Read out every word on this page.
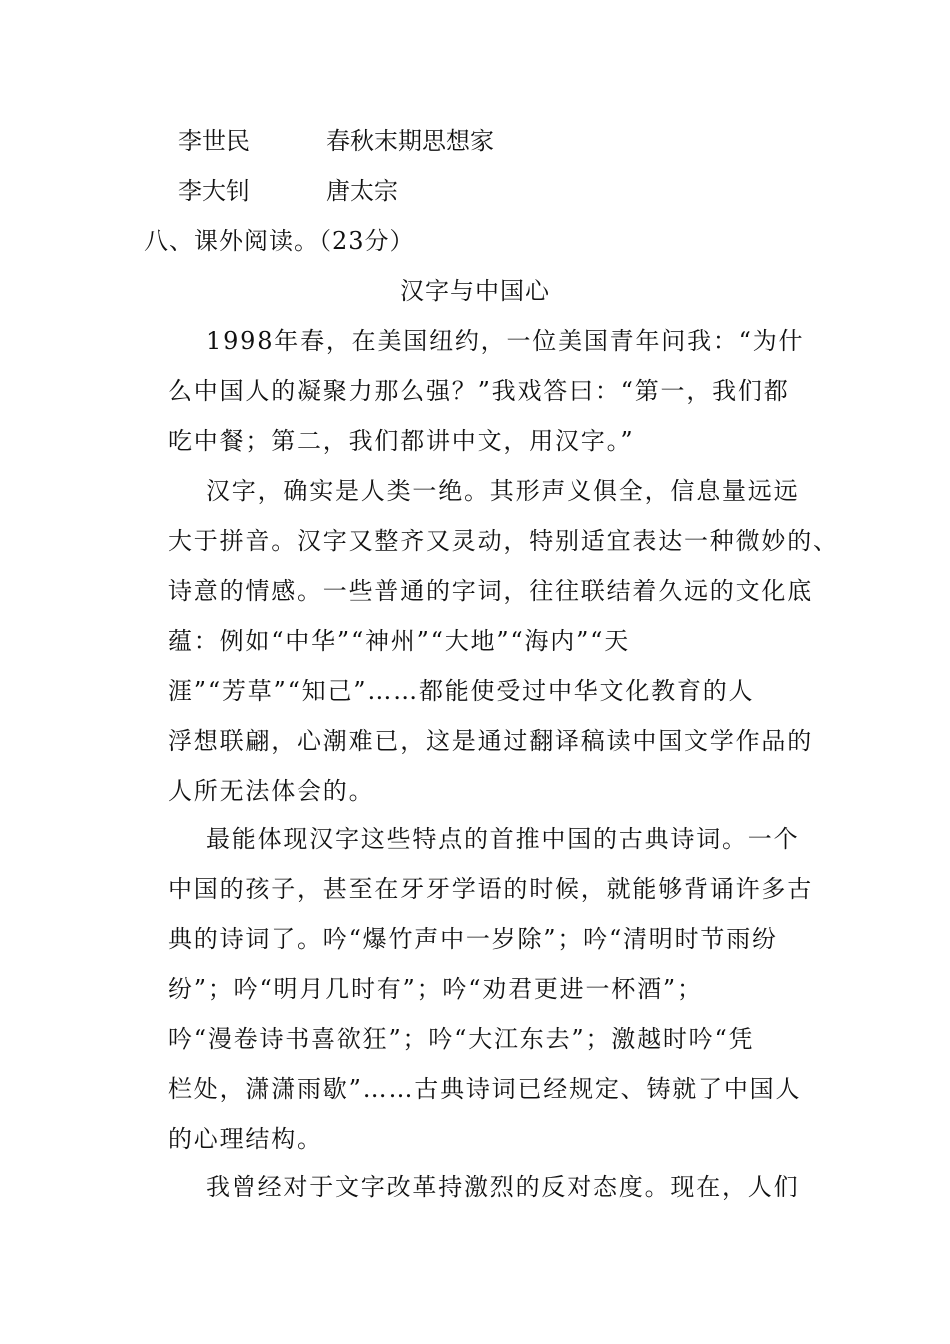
李世民	春秋末期思想家
李大钊	唐太宗
八、课外阅读。（23分）
汉字与中国心
1998年春，在美国纽约，一位美国青年问我：“为什
么中国人的凝聚力那么强？”我戏答曰：“第一，我们都
吃中餐；第二，我们都讲中文，用汉字。”
汉字，确实是人类一绝。其形声义俱全，信息量远远
大于拼音。汉字又整齐又灵动，特别适宜表达一种微妙的、
诗意的情感。一些普通的字词，往往联结着久远的文化底
蕴：例如“中华”“神州”“大地”“海内”“天
涯”“芳草”“知己”……都能使受过中华文化教育的人
浮想联翩，心潮难已，这是通过翻译稿读中国文学作品的
人所无法体会的。
最能体现汉字这些特点的首推中国的古典诗词。一个
中国的孩子，甚至在牙牙学语的时候，就能够背诵许多古
典的诗词了。吟“爆竹声中一岁除”；吟“清明时节雨纷
纷”；吟“明月几时有”；吟“劝君更进一杯酒”；
吟“漫卷诗书喜欲狂”；吟“大江东去”；激越时吟“凭
栏处，潇潇雨歇”……古典诗词已经规定、铸就了中国人
的心理结构。
我曾经对于文字改革持激烈的反对态度。现在，人们
